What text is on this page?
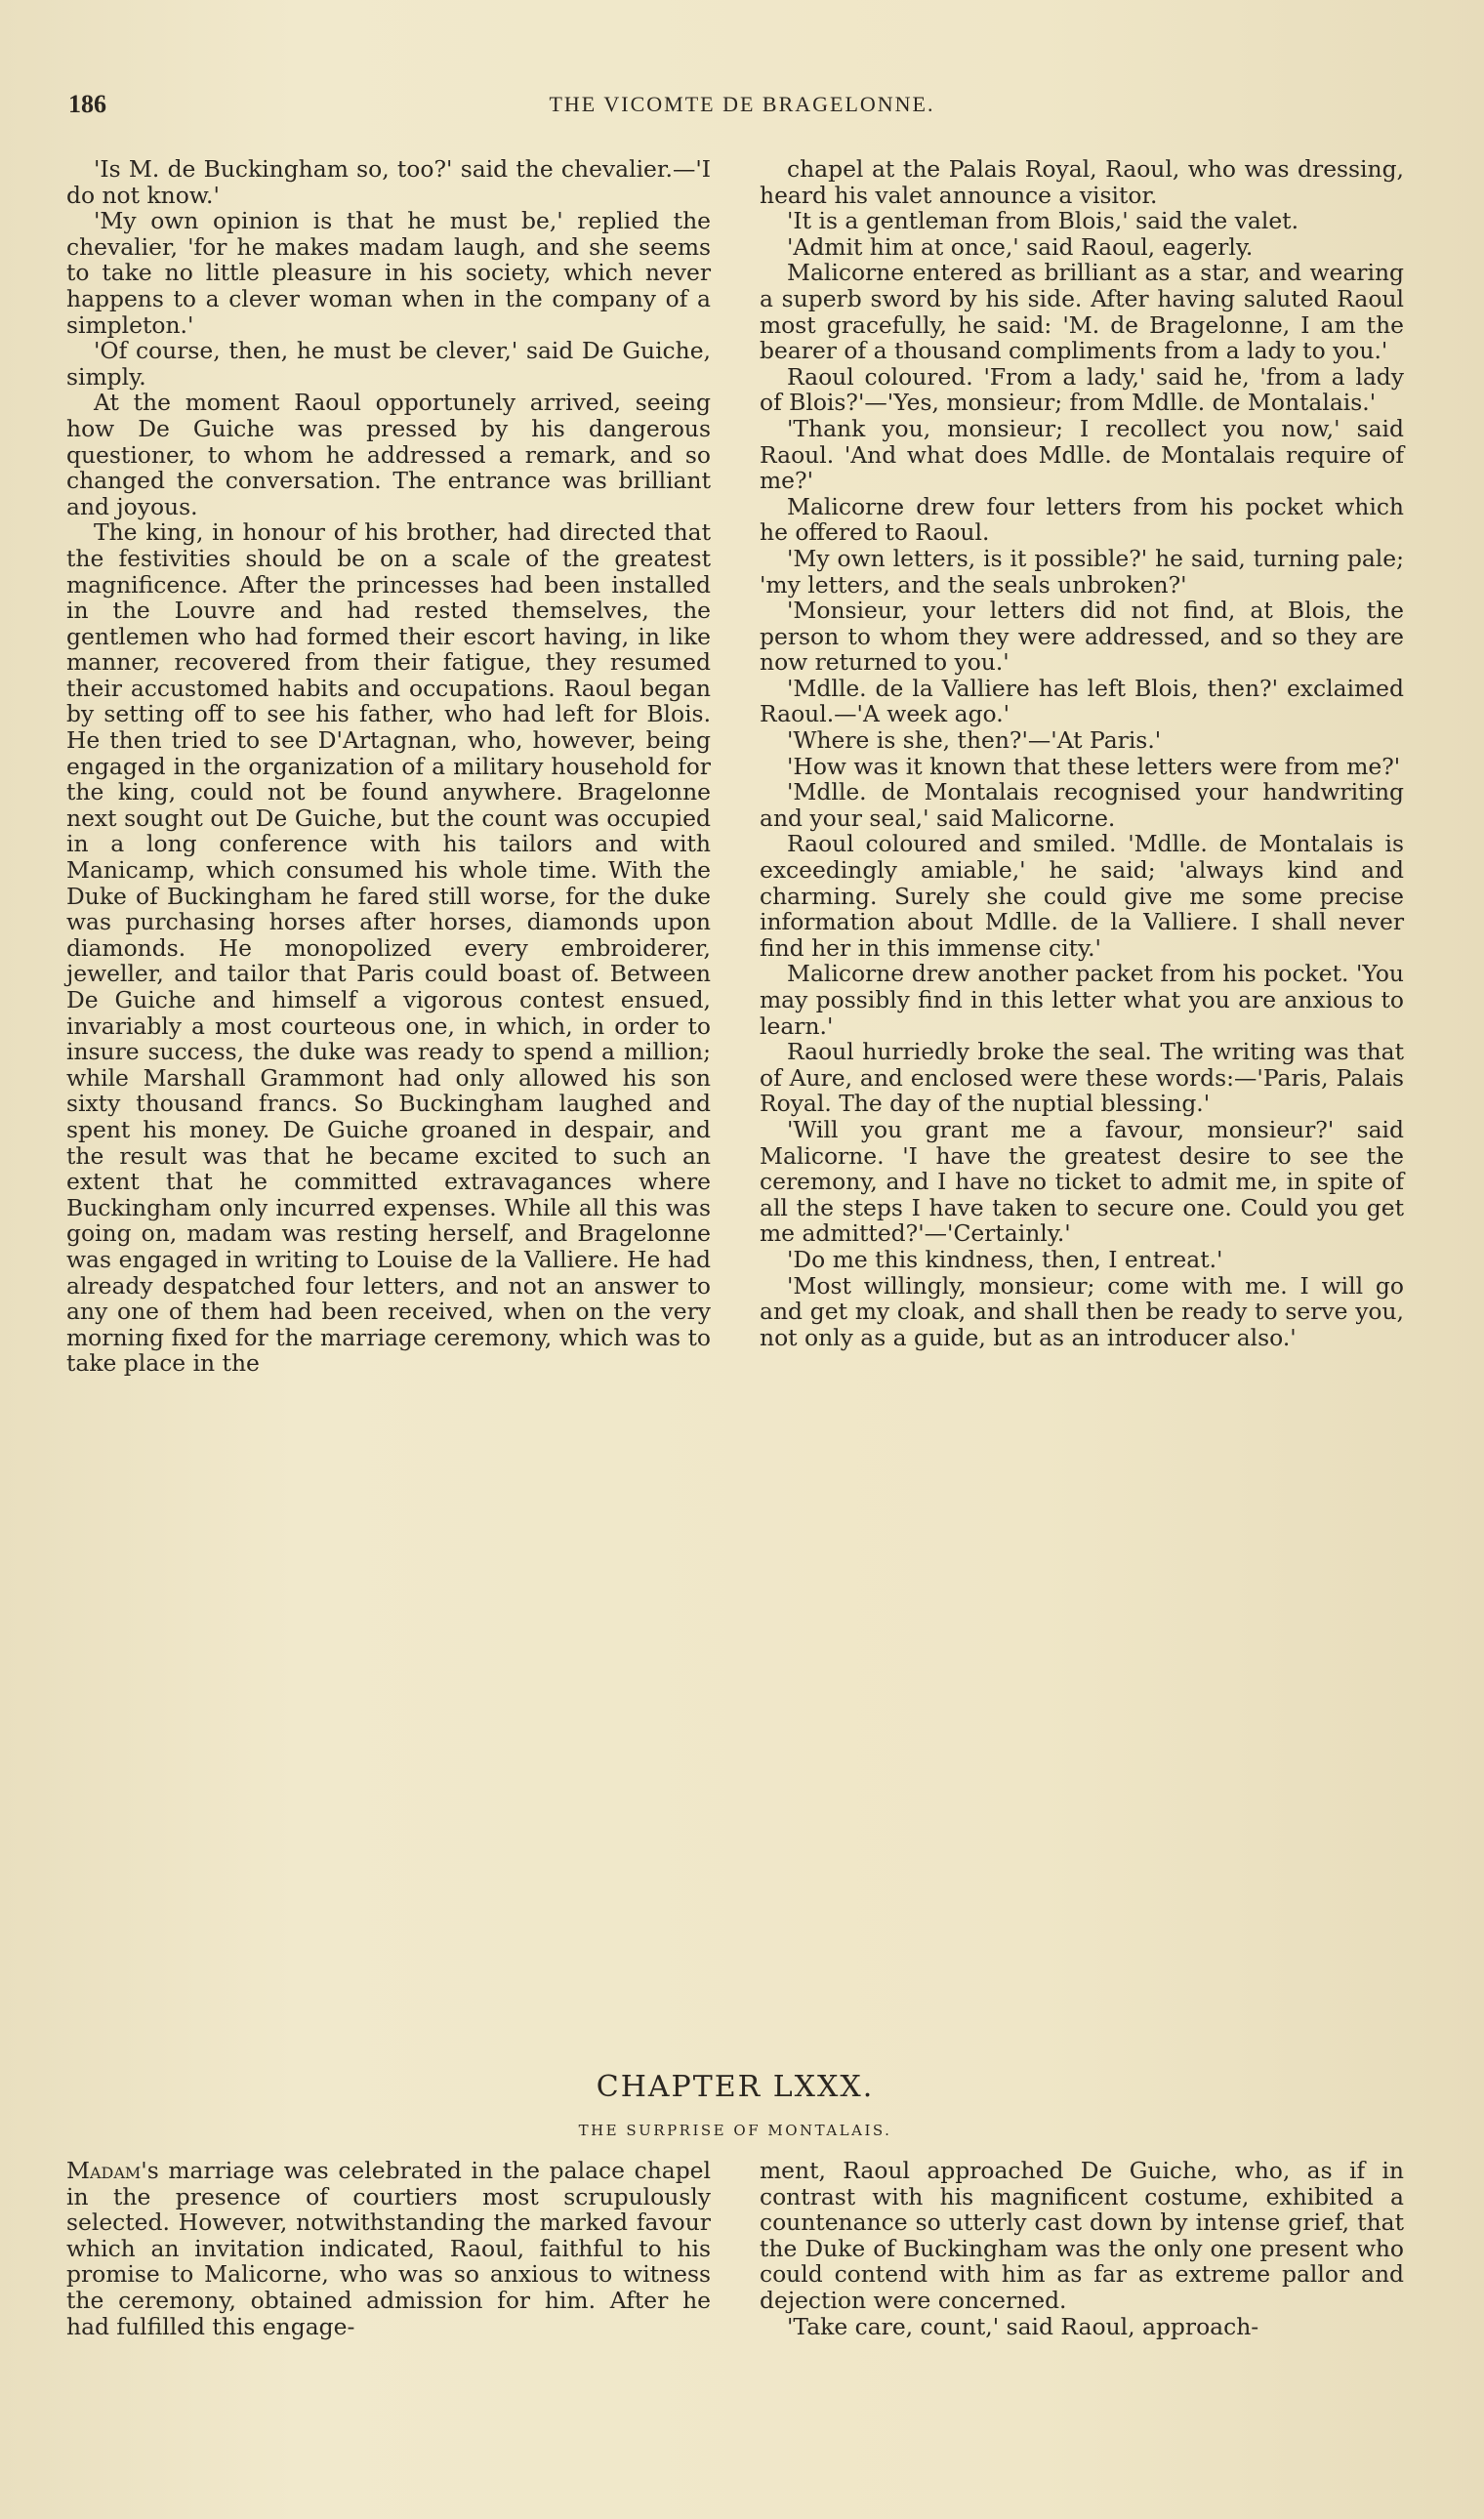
186	THE VICOMTE DE BRAGELONNE.

'Is M. de Buckingham so, too?' said the chevalier.—'I do not know.'

'My own opinion is that he must be,' replied the chevalier, 'for he makes madam laugh, and she seems to take no little pleasure in his society, which never happens to a clever woman when in the company of a simpleton.'

'Of course, then, he must be clever,' said De Guiche, simply.

At the moment Raoul opportunely arrived, seeing how De Guiche was pressed by his dangerous questioner, to whom he addressed a remark, and so changed the conversation. The entrance was brilliant and joyous.

The king, in honour of his brother, had directed that the festivities should be on a scale of the greatest magnificence. After the princesses had been installed in the Louvre and had rested themselves, the gentlemen who had formed their escort having, in like manner, recovered from their fatigue, they resumed their accustomed habits and occupations. Raoul began by setting off to see his father, who had left for Blois. He then tried to see D'Artagnan, who, however, being engaged in the organization of a military household for the king, could not be found anywhere. Bragelonne next sought out De Guiche, but the count was occupied in a long conference with his tailors and with Manicamp, which consumed his whole time. With the Duke of Buckingham he fared still worse, for the duke was purchasing horses after horses, diamonds upon diamonds. He monopolized every embroiderer, jeweller, and tailor that Paris could boast of. Between De Guiche and himself a vigorous contest ensued, invariably a most courteous one, in which, in order to insure success, the duke was ready to spend a million; while Marshall Grammont had only allowed his son sixty thousand francs. So Buckingham laughed and spent his money. De Guiche groaned in despair, and the result was that he became excited to such an extent that he committed extravagances where Buckingham only incurred expenses. While all this was going on, madam was resting herself, and Bragelonne was engaged in writing to Louise de la Valliere. He had already despatched four letters, and not an answer to any one of them had been received, when on the very morning fixed for the marriage ceremony, which was to take place in the

chapel at the Palais Royal, Raoul, who was dressing, heard his valet announce a visitor.

'It is a gentleman from Blois,' said the valet.

'Admit him at once,' said Raoul, eagerly.

Malicorne entered as brilliant as a star, and wearing a superb sword by his side. After having saluted Raoul most gracefully, he said: 'M. de Bragelonne, I am the bearer of a thousand compliments from a lady to you.'

Raoul coloured. 'From a lady,' said he, 'from a lady of Blois?'—'Yes, monsieur; from Mdlle. de Montalais.'

'Thank you, monsieur; I recollect you now,' said Raoul. 'And what does Mdlle. de Montalais require of me?'

Malicorne drew four letters from his pocket which he offered to Raoul.

'My own letters, is it possible?' he said, turning pale; 'my letters, and the seals unbroken?'

'Monsieur, your letters did not find, at Blois, the person to whom they were addressed, and so they are now returned to you.'

'Mdlle. de la Valliere has left Blois, then?' exclaimed Raoul.—'A week ago.'

'Where is she, then?'—'At Paris.'

'How was it known that these letters were from me?'

'Mdlle. de Montalais recognised your handwriting and your seal,' said Malicorne.

Raoul coloured and smiled. 'Mdlle. de Montalais is exceedingly amiable,' he said; 'always kind and charming. Surely she could give me some precise information about Mdlle. de la Valliere. I shall never find her in this immense city.'

Malicorne drew another packet from his pocket. 'You may possibly find in this letter what you are anxious to learn.'

Raoul hurriedly broke the seal. The writing was that of Aure, and enclosed were these words:—'Paris, Palais Royal. The day of the nuptial blessing.'

'Will you grant me a favour, monsieur?' said Malicorne. 'I have the greatest desire to see the ceremony, and I have no ticket to admit me, in spite of all the steps I have taken to secure one. Could you get me admitted?'—'Certainly.'

'Do me this kindness, then, I entreat.'

'Most willingly, monsieur; come with me. I will go and get my cloak, and shall then be ready to serve you, not only as a guide, but as an introducer also.'

CHAPTER LXXX.
THE SURPRISE OF MONTALAIS.

Madam's marriage was celebrated in the palace chapel in the presence of courtiers most scrupulously selected. However, notwithstanding the marked favour which an invitation indicated, Raoul, faithful to his promise to Malicorne, who was so anxious to witness the ceremony, obtained admission for him. After he had fulfilled this engage-

ment, Raoul approached De Guiche, who, as if in contrast with his magnificent costume, exhibited a countenance so utterly cast down by intense grief, that the Duke of Buckingham was the only one present who could contend with him as far as extreme pallor and dejection were concerned.

'Take care, count,' said Raoul, approach-
